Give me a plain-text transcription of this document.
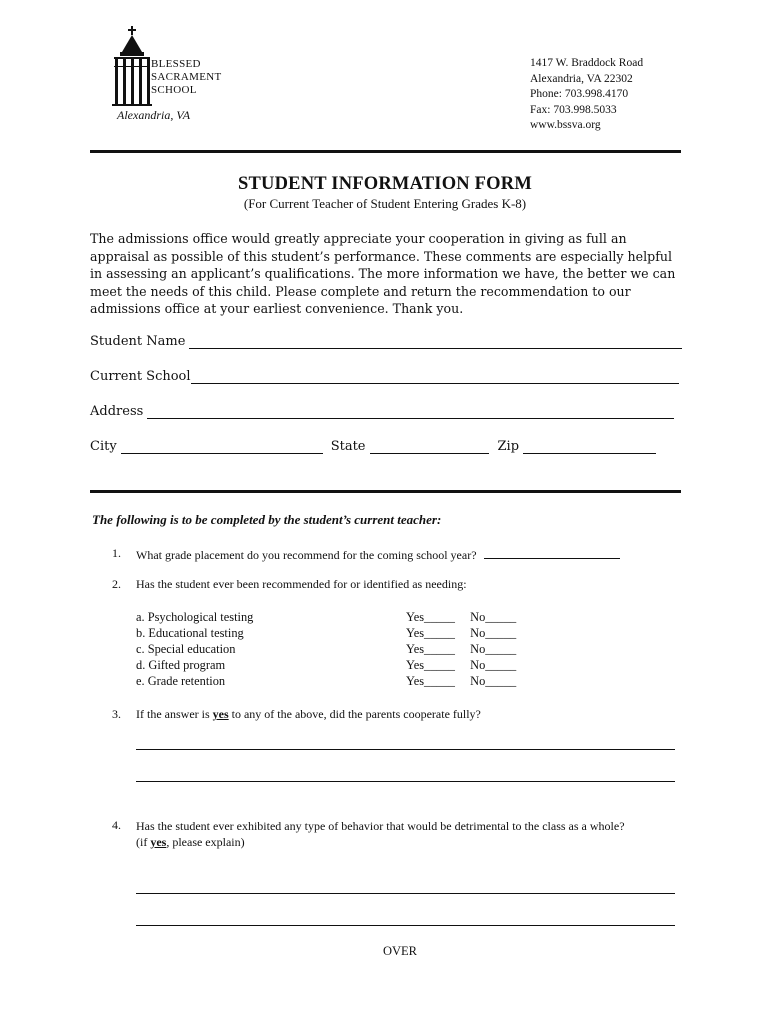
BLESSED
SACRAMENT
SCHOOL
Alexandria, VA
1417 W. Braddock Road
Alexandria, VA 22302
Phone: 703.998.4170
Fax: 703.998.5033
www.bssva.org
STUDENT INFORMATION FORM
(For Current Teacher of Student Entering Grades K-8)
The admissions office would greatly appreciate your cooperation in giving as full an appraisal as possible of this student’s performance. These comments are especially helpful in assessing an applicant’s qualifications. The more information we have, the better we can meet the needs of this child. Please complete and return the recommendation to our admissions office at your earliest convenience. Thank you.
Student Name
Current School
Address
City	State	Zip
The following is to be completed by the student’s current teacher:
1. What grade placement do you recommend for the coming school year?
2. Has the student ever been recommended for or identified as needing:
a. Psychological testing	Yes_____ No_____
b. Educational testing	Yes_____ No_____
c. Special education	Yes_____ No_____
d. Gifted program	Yes_____ No_____
e. Grade retention	Yes_____ No_____
3. If the answer is yes to any of the above, did the parents cooperate fully?
4. Has the student ever exhibited any type of behavior that would be detrimental to the class as a whole?
(if yes, please explain)
OVER
